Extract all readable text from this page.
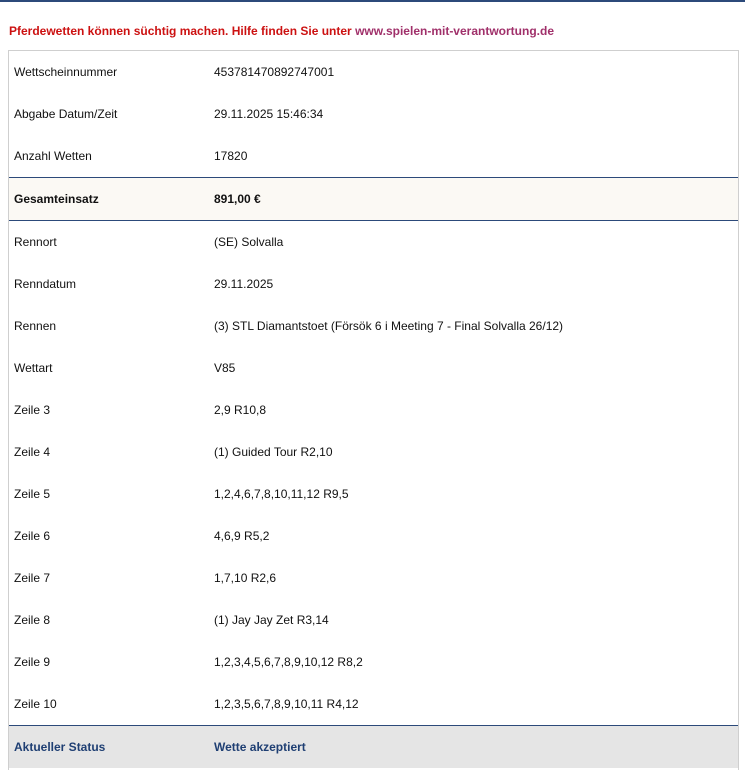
Pferdewetten können süchtig machen. Hilfe finden Sie unter www.spielen-mit-verantwortung.de
Wettscheinnummer	453781470892747001
Abgabe Datum/Zeit	29.11.2025 15:46:34
Anzahl Wetten	17820
Gesamteinsatz	891,00 €
Rennort	(SE) Solvalla
Renndatum	29.11.2025
Rennen	(3) STL Diamantstoet (Försök 6 i Meeting 7 - Final Solvalla 26/12)
Wettart	V85
Zeile 3	2,9 R10,8
Zeile 4	(1) Guided Tour R2,10
Zeile 5	1,2,4,6,7,8,10,11,12 R9,5
Zeile 6	4,6,9 R5,2
Zeile 7	1,7,10 R2,6
Zeile 8	(1) Jay Jay Zet R3,14
Zeile 9	1,2,3,4,5,6,7,8,9,10,12 R8,2
Zeile 10	1,2,3,5,6,7,8,9,10,11 R4,12
Aktueller Status	Wette akzeptiert
